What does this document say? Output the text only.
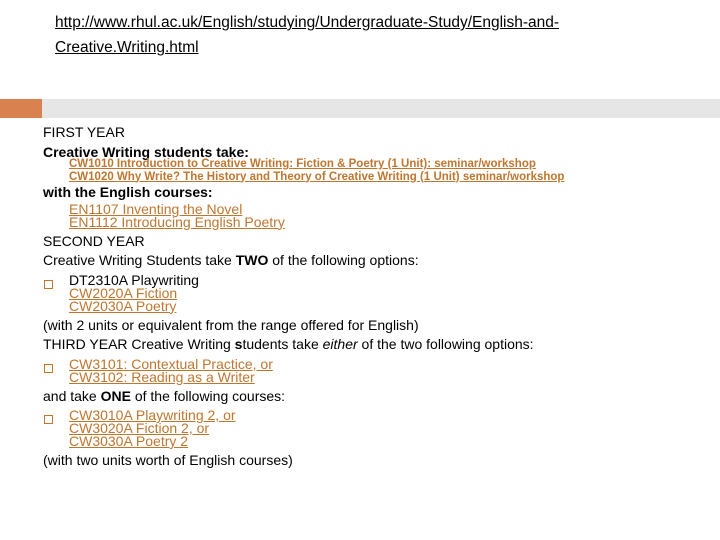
http://www.rhul.ac.uk/English/studying/Undergraduate-Study/English-and-Creative.Writing.html
FIRST YEAR
Creative Writing students take:
CW1010 Introduction to Creative Writing: Fiction & Poetry (1 Unit): seminar/workshop
CW1020 Why Write? The History and Theory of Creative Writing (1 Unit) seminar/workshop
with the English courses:
EN1107 Inventing the Novel
EN1112 Introducing English Poetry
SECOND YEAR
Creative Writing Students take TWO of the following options:
DT2310A Playwriting
CW2020A Fiction
CW2030A Poetry
(with 2 units or equivalent from the range offered for English)
THIRD YEAR Creative Writing students take either of the two following options:
CW3101: Contextual Practice, or
CW3102: Reading as a Writer
and take ONE of the following courses:
CW3010A Playwriting 2, or
CW3020A Fiction 2, or
CW3030A Poetry 2
(with two units worth of English courses)
